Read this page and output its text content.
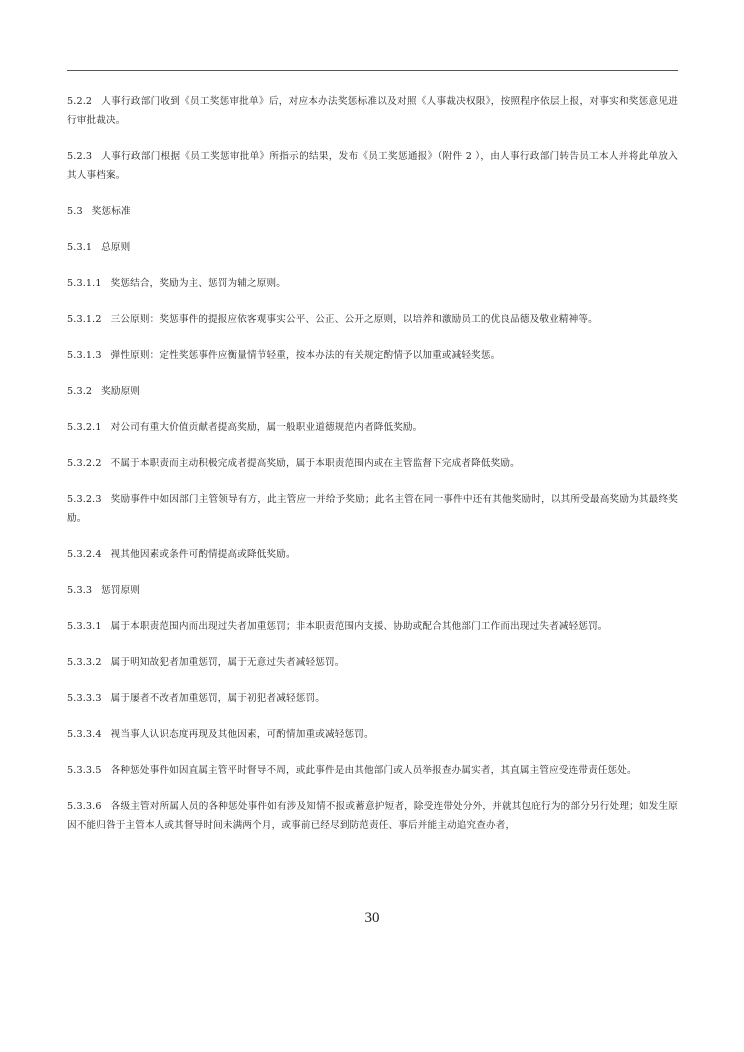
5.2.2 人事行政部门收到《员工奖惩审批单》后，对应本办法奖惩标准以及对照《人事裁决权限》，按照程序依层上报，对事实和奖惩意见进行审批裁决。

5.2.3 人事行政部门根据《员工奖惩审批单》所指示的结果，发布《员工奖惩通报》（附件 2 ），由人事行政部门转告员工本人并将此单放入其人事档案。

5.3 奖惩标准

5.3.1 总原则

5.3.1.1 奖惩结合，奖励为主、惩罚为辅之原则。

5.3.1.2 三公原则：奖惩事件的提报应依客观事实公平、公正、公开之原则，以培养和激励员工的优良品德及敬业精神等。

5.3.1.3 弹性原则：定性奖惩事件应衡量情节轻重，按本办法的有关规定酌情予以加重或减轻奖惩。

5.3.2 奖励原则

5.3.2.1 对公司有重大价值贡献者提高奖励，属一般职业道德规范内者降低奖励。

5.3.2.2 不属于本职责而主动积极完成者提高奖励，属于本职责范围内或在主管监督下完成者降低奖励。

5.3.2.3 奖励事件中如因部门主管领导有方，此主管应一并给予奖励；此名主管在同一事件中还有其他奖励时，以其所受最高奖励为其最终奖励。

5.3.2.4 视其他因素或条件可酌情提高或降低奖励。

5.3.3 惩罚原则

5.3.3.1 属于本职责范围内而出现过失者加重惩罚；非本职责范围内支援、协助或配合其他部门工作而出现过失者减轻惩罚。

5.3.3.2 属于明知故犯者加重惩罚，属于无意过失者减轻惩罚。

5.3.3.3 属于屡者不改者加重惩罚，属于初犯者减轻惩罚。

5.3.3.4 视当事人认识态度再现及其他因素，可酌情加重或减轻惩罚。

5.3.3.5 各种惩处事件如因直属主管平时督导不周，或此事件是由其他部门或人员举报查办属实者，其直属主管应受连带责任惩处。

5.3.3.6 各级主管对所属人员的各种惩处事件如有涉及知情不报或蓄意护短者，除受连带处分外，并就其包庇行为的部分另行处理；如发生原因不能归咎于主管本人或其督导时间未满两个月，或事前已经尽到防范责任、事后并能主动追究查办者，

30
